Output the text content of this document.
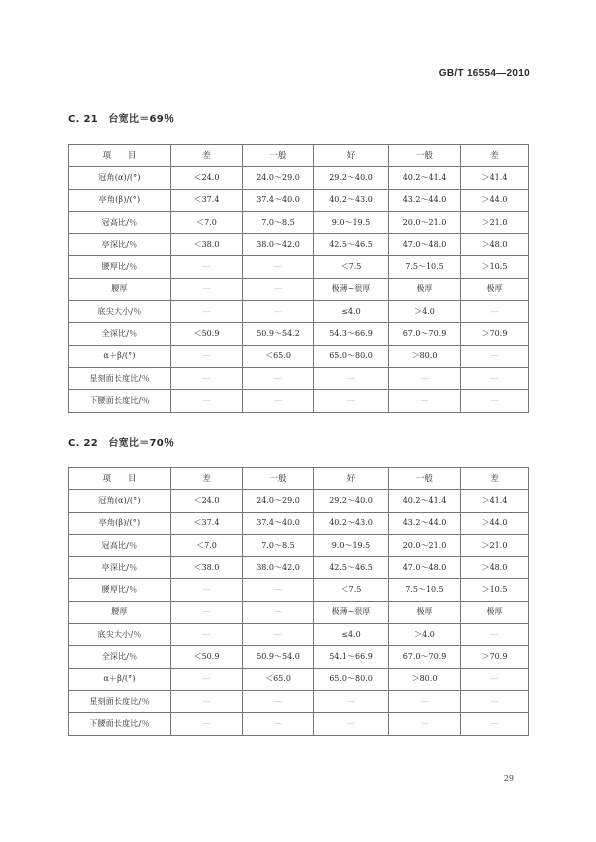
GB/T 16554—2010
C. 21　台宽比＝69％
项　　目	差	一般	好	一般	差
冠角(α)/(°)	＜24.0	24.0～29.0	29.2～40.0	40.2～41.4	＞41.4
亭角(β)/(°)	＜37.4	37.4～40.0	40.2～43.0	43.2～44.0	＞44.0
冠高比/％	＜7.0	7.0～8.5	9.0～19.5	20.0～21.0	＞21.0
亭深比/％	＜38.0	38.0～42.0	42.5～46.5	47.0～48.0	＞48.0
腰厚比/％	—	—	＜7.5	7.5～10.5	＞10.5
腰厚	—	—	极薄~很厚	极厚	极厚
底尖大小/％	—	—	≤4.0	＞4.0	—
全深比/％	＜50.9	50.9～54.2	54.3～66.9	67.0～70.9	＞70.9
α＋β/(°)	—	＜65.0	65.0～80.0	＞80.0	—
星刻面长度比/％	—	—	—	—	—
下腰面长度比/％	—	—	—	—	—
C. 22　台宽比＝70％
项　　目	差	一般	好	一般	差
冠角(α)/(°)	＜24.0	24.0～29.0	29.2～40.0	40.2～41.4	＞41.4
亭角(β)/(°)	＜37.4	37.4～40.0	40.2～43.0	43.2～44.0	＞44.0
冠高比/％	＜7.0	7.0～8.5	9.0～19.5	20.0～21.0	＞21.0
亭深比/％	＜38.0	38.0～42.0	42.5～46.5	47.0～48.0	＞48.0
腰厚比/％	—	—	＜7.5	7.5～10.5	＞10.5
腰厚	—	—	极薄~很厚	极厚	极厚
底尖大小/％	—	—	≤4.0	＞4.0	—
全深比/％	＜50.9	50.9～54.0	54.1～66.9	67.0～70.9	＞70.9
α＋β/(°)	—	＜65.0	65.0～80.0	＞80.0	—
星刻面长度比/％	—	—	—	—	—
下腰面长度比/％	—	—	—	—	—
29
